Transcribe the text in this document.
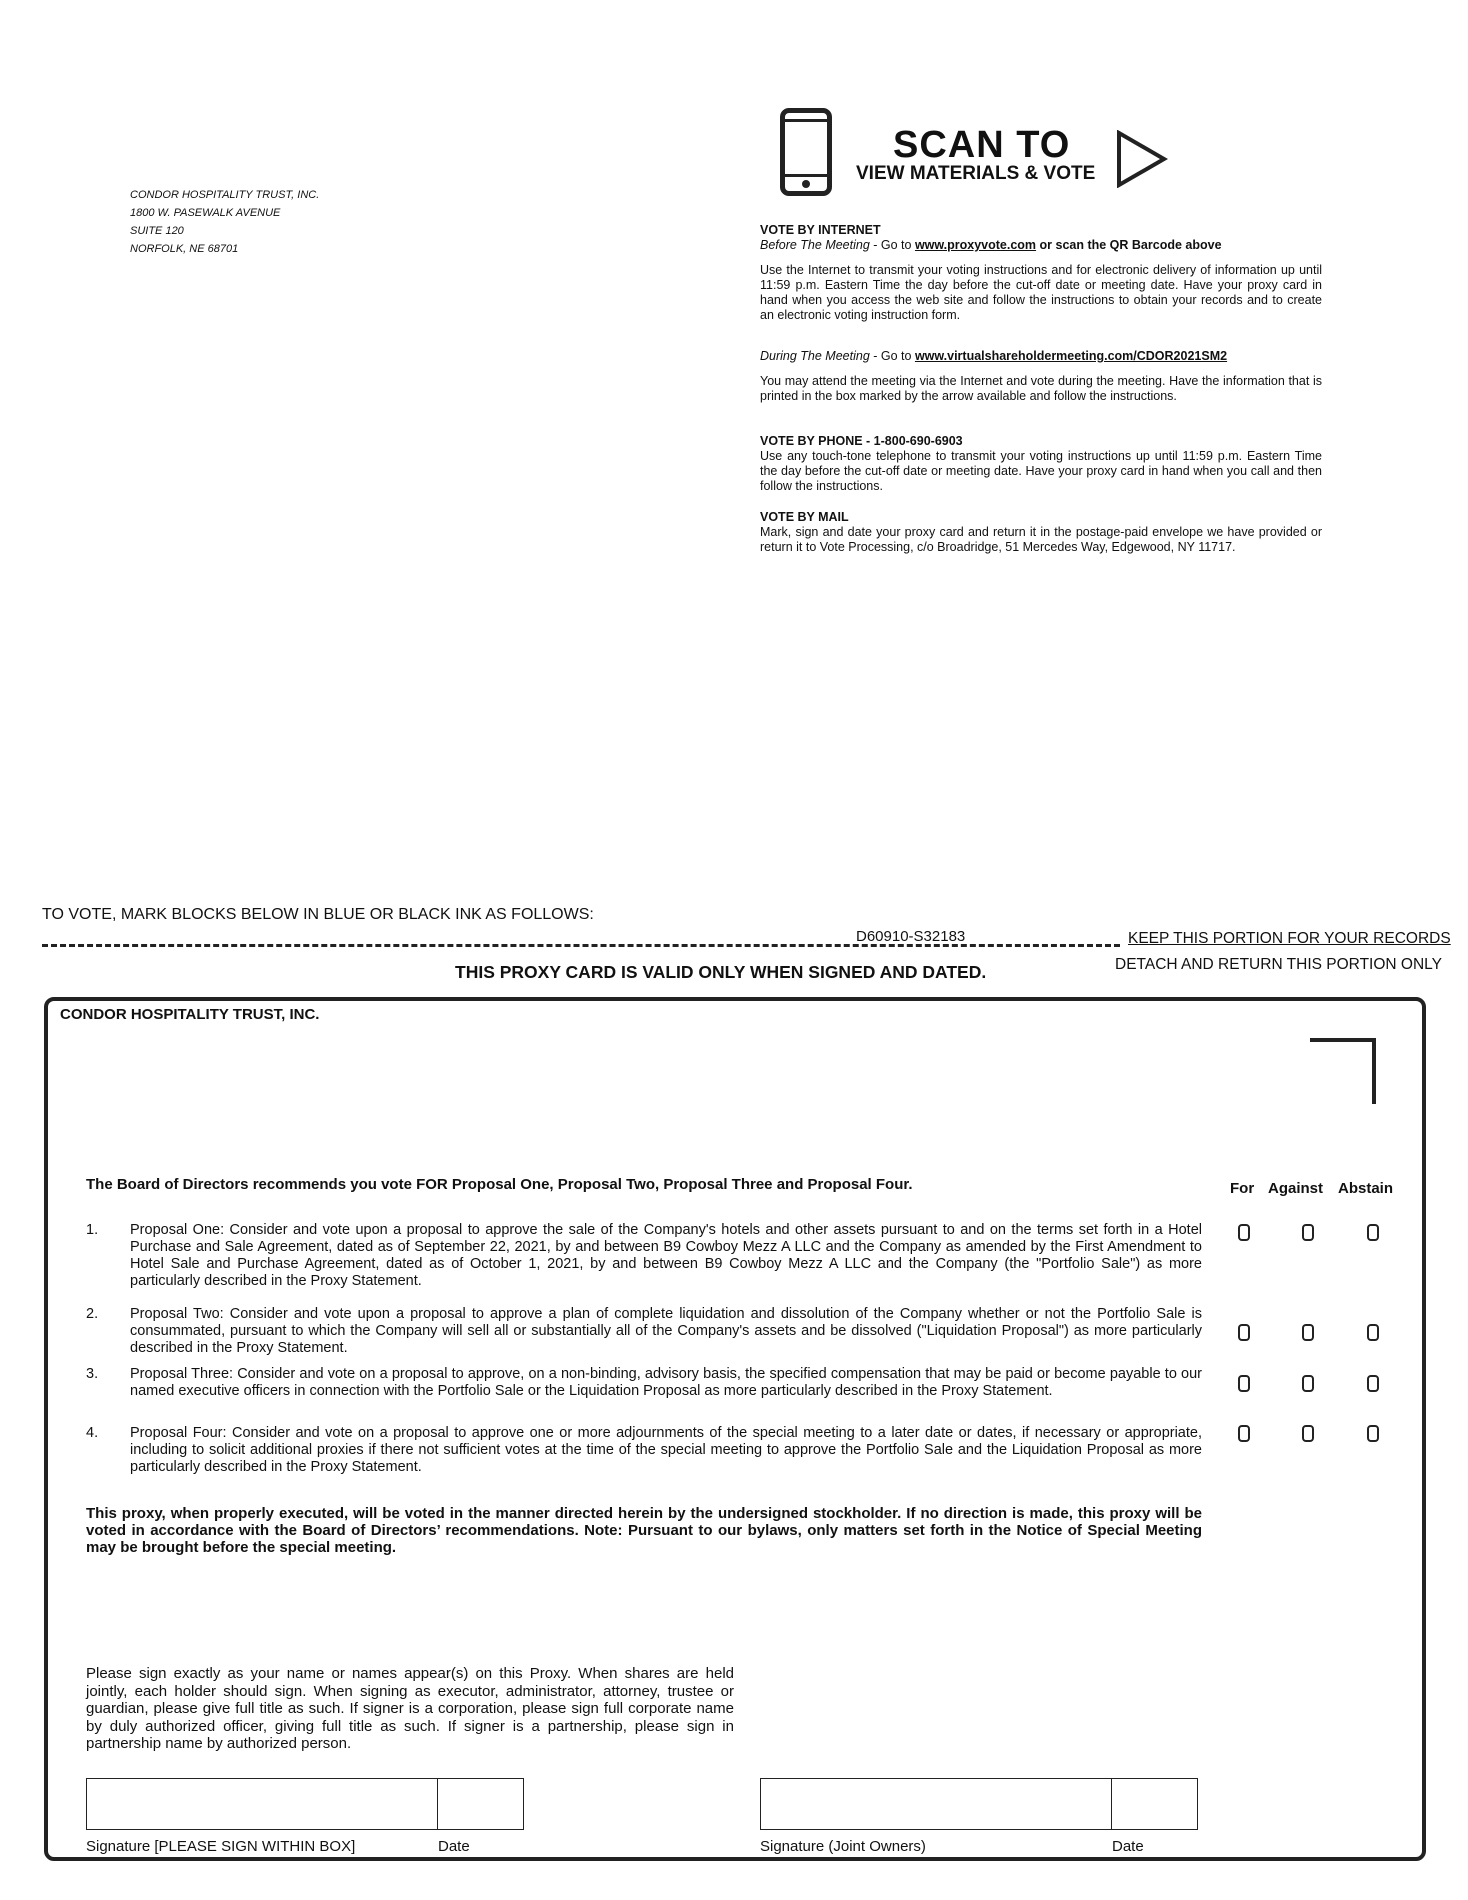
CONDOR HOSPITALITY TRUST, INC.
1800 W. PASEWALK AVENUE
SUITE 120
NORFOLK, NE 68701
SCAN TO
VIEW MATERIALS & VOTE
VOTE BY INTERNET
Before The Meeting - Go to www.proxyvote.com or scan the QR Barcode above
Use the Internet to transmit your voting instructions and for electronic delivery of information up until 11:59 p.m. Eastern Time the day before the cut-off date or meeting date. Have your proxy card in hand when you access the web site and follow the instructions to obtain your records and to create an electronic voting instruction form.
During The Meeting - Go to www.virtualshareholdermeeting.com/CDOR2021SM2
You may attend the meeting via the Internet and vote during the meeting. Have the information that is printed in the box marked by the arrow available and follow the instructions.
VOTE BY PHONE - 1-800-690-6903
Use any touch-tone telephone to transmit your voting instructions up until 11:59 p.m. Eastern Time the day before the cut-off date or meeting date. Have your proxy card in hand when you call and then follow the instructions.
VOTE BY MAIL
Mark, sign and date your proxy card and return it in the postage-paid envelope we have provided or return it to Vote Processing, c/o Broadridge, 51 Mercedes Way, Edgewood, NY 11717.
TO VOTE, MARK BLOCKS BELOW IN BLUE OR BLACK INK AS FOLLOWS:
D60910-S32183	KEEP THIS PORTION FOR YOUR RECORDS
DETACH AND RETURN THIS PORTION ONLY
THIS PROXY CARD IS VALID ONLY WHEN SIGNED AND DATED.
CONDOR HOSPITALITY TRUST, INC.
The Board of Directors recommends you vote FOR Proposal One, Proposal Two, Proposal Three and Proposal Four.	For Against Abstain
1. Proposal One: Consider and vote upon a proposal to approve the sale of the Company's hotels and other assets pursuant to and on the terms set forth in a Hotel Purchase and Sale Agreement, dated as of September 22, 2021, by and between B9 Cowboy Mezz A LLC and the Company as amended by the First Amendment to Hotel Sale and Purchase Agreement, dated as of October 1, 2021, by and between B9 Cowboy Mezz A LLC and the Company (the "Portfolio Sale") as more particularly described in the Proxy Statement.
2. Proposal Two: Consider and vote upon a proposal to approve a plan of complete liquidation and dissolution of the Company whether or not the Portfolio Sale is consummated, pursuant to which the Company will sell all or substantially all of the Company's assets and be dissolved ("Liquidation Proposal") as more particularly described in the Proxy Statement.
3. Proposal Three: Consider and vote on a proposal to approve, on a non-binding, advisory basis, the specified compensation that may be paid or become payable to our named executive officers in connection with the Portfolio Sale or the Liquidation Proposal as more particularly described in the Proxy Statement.
4. Proposal Four: Consider and vote on a proposal to approve one or more adjournments of the special meeting to a later date or dates, if necessary or appropriate, including to solicit additional proxies if there not sufficient votes at the time of the special meeting to approve the Portfolio Sale and the Liquidation Proposal as more particularly described in the Proxy Statement.
This proxy, when properly executed, will be voted in the manner directed herein by the undersigned stockholder. If no direction is made, this proxy will be voted in accordance with the Board of Directors’ recommendations. Note: Pursuant to our bylaws, only matters set forth in the Notice of Special Meeting may be brought before the special meeting.
Please sign exactly as your name or names appear(s) on this Proxy. When shares are held jointly, each holder should sign. When signing as executor, administrator, attorney, trustee or guardian, please give full title as such. If signer is a corporation, please sign full corporate name by duly authorized officer, giving full title as such. If signer is a partnership, please sign in partnership name by authorized person.
Signature [PLEASE SIGN WITHIN BOX]	Date	Signature (Joint Owners)	Date
